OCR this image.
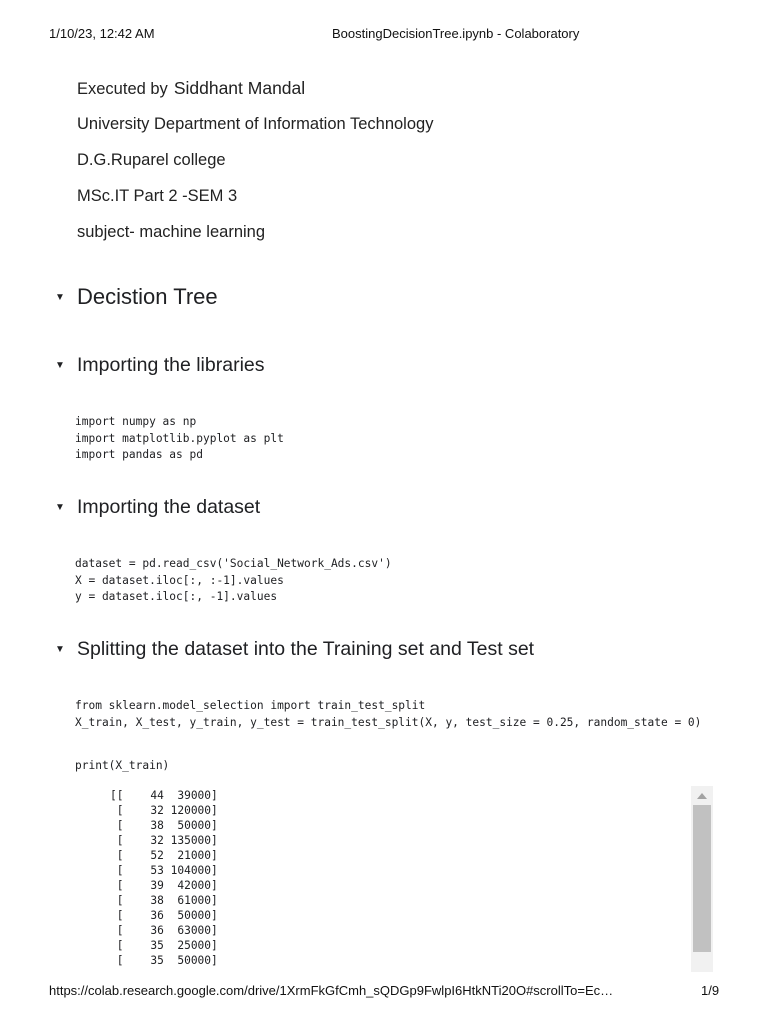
1/10/23, 12:42 AM	BoostingDecisionTree.ipynb - Colaboratory
Executed by Siddhant Mandal
University Department of Information Technology
D.G.Ruparel college
MSc.IT Part 2 -SEM 3
subject- machine learning
▼ Decistion Tree
▼ Importing the libraries
import numpy as np
import matplotlib.pyplot as plt
import pandas as pd
▼ Importing the dataset
dataset = pd.read_csv('Social_Network_Ads.csv')
X = dataset.iloc[:, :-1].values
y = dataset.iloc[:, -1].values
▼ Splitting the dataset into the Training set and Test set
from sklearn.model_selection import train_test_split
X_train, X_test, y_train, y_test = train_test_split(X, y, test_size = 0.25, random_state = 0)
print(X_train)
[[    44  39000]
[    32 120000]
[    38  50000]
[    32 135000]
[    52  21000]
[    53 104000]
[    39  42000]
[    38  61000]
[    36  50000]
[    36  63000]
[    35  25000]
[    35  50000]
https://colab.research.google.com/drive/1XrmFkGfCmh_sQDGp9FwlpI6HtkNTi20O#scrollTo=Ec…	1/9
